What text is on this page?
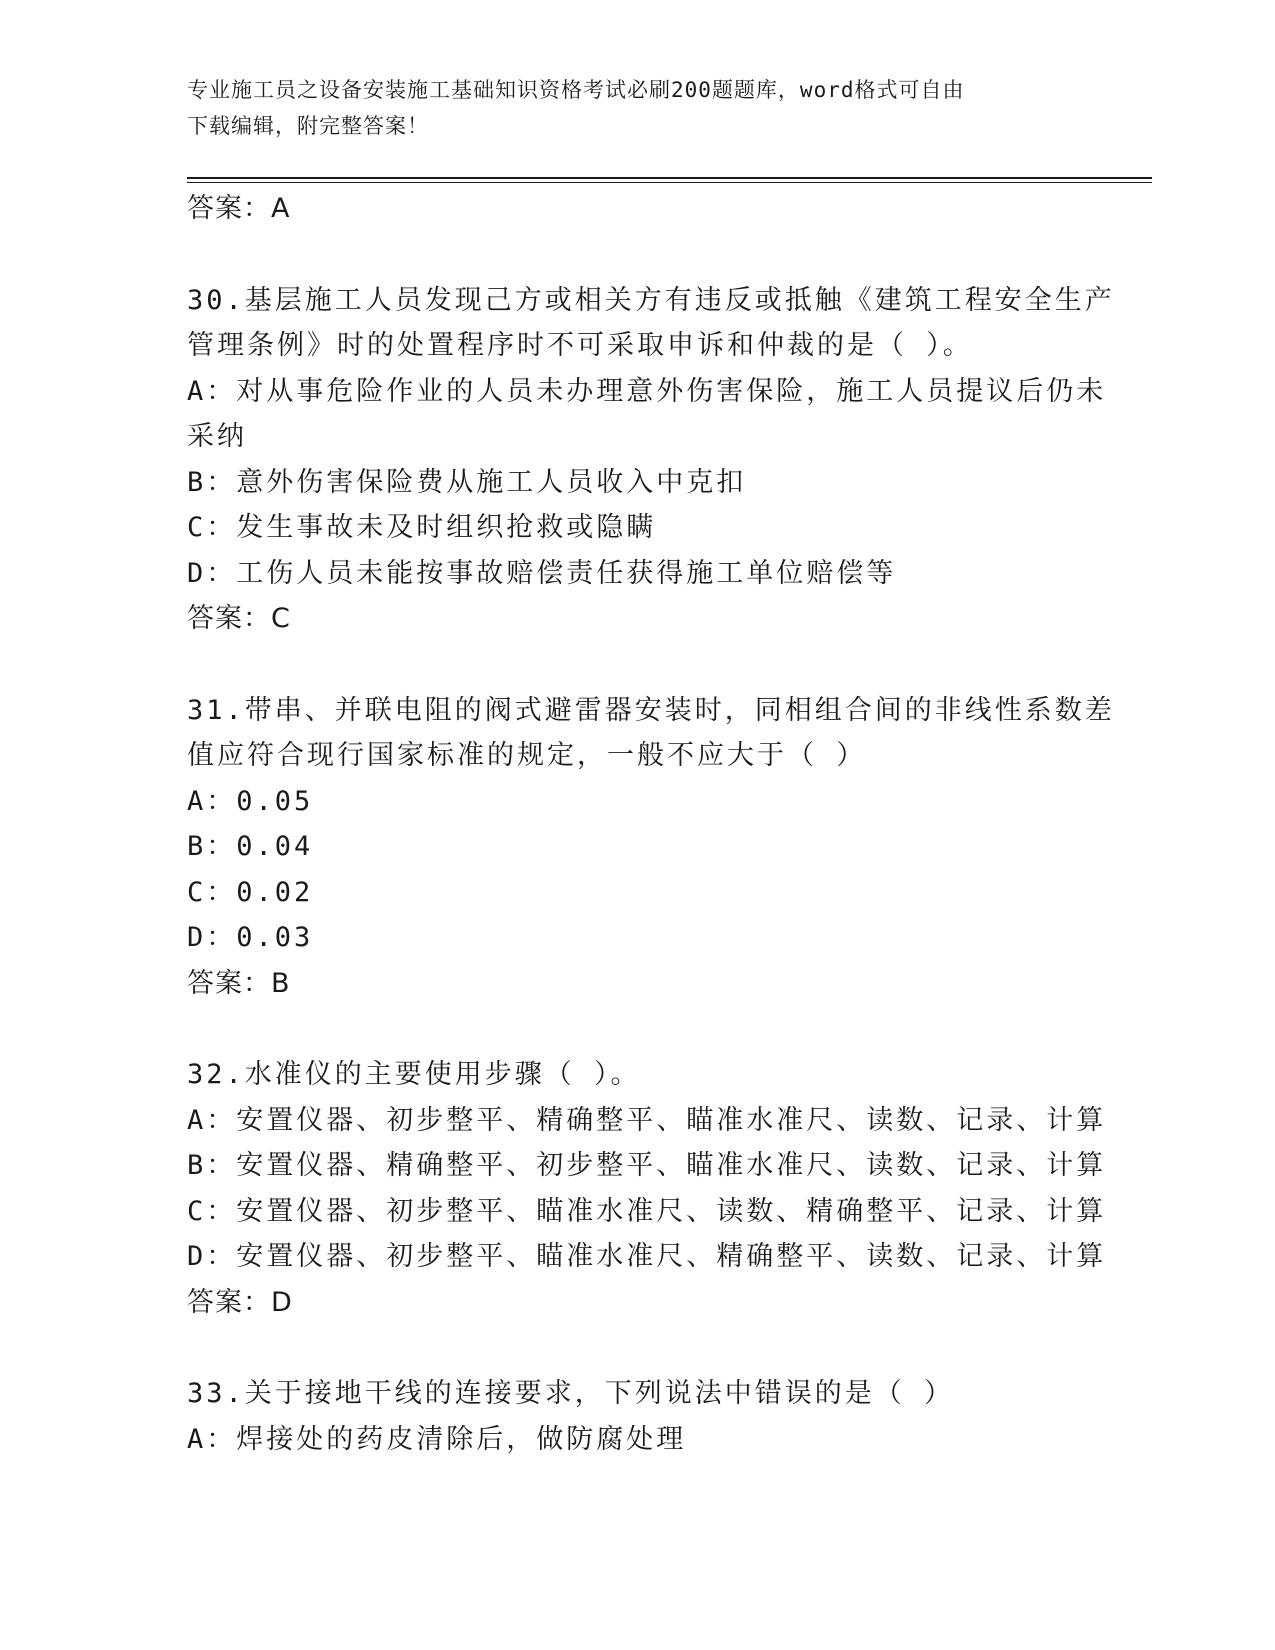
专业施工员之设备安装施工基础知识资格考试必刷200题题库，word格式可自由
下载编辑，附完整答案！
答案：A
30.基层施工人员发现己方或相关方有违反或抵触《建筑工程安全生产
管理条例》时的处置程序时不可采取申诉和仲裁的是（ ）。
A：对从事危险作业的人员未办理意外伤害保险，施工人员提议后仍未
采纳
B：意外伤害保险费从施工人员收入中克扣
C：发生事故未及时组织抢救或隐瞒
D：工伤人员未能按事故赔偿责任获得施工单位赔偿等
答案：C
31.带串、并联电阻的阀式避雷器安装时，同相组合间的非线性系数差
值应符合现行国家标准的规定，一般不应大于（ ）
A：0.05
B：0.04
C：0.02
D：0.03
答案：B
32.水准仪的主要使用步骤（ ）。
A：安置仪器、初步整平、精确整平、瞄准水准尺、读数、记录、计算
B：安置仪器、精确整平、初步整平、瞄准水准尺、读数、记录、计算
C：安置仪器、初步整平、瞄准水准尺、读数、精确整平、记录、计算
D：安置仪器、初步整平、瞄准水准尺、精确整平、读数、记录、计算
答案：D
33.关于接地干线的连接要求，下列说法中错误的是（ ）
A：焊接处的药皮清除后，做防腐处理
